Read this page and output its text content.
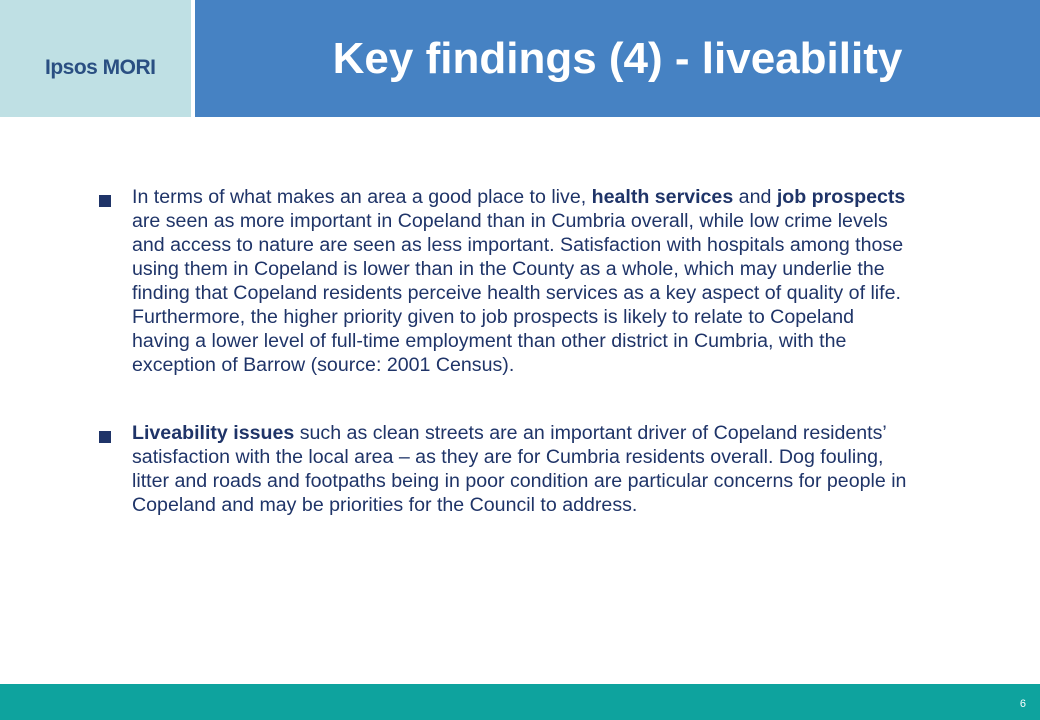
Ipsos MORI	Key findings (4) - liveability
In terms of what makes an area a good place to live, health services and job prospects are seen as more important in Copeland than in Cumbria overall, while low crime levels and access to nature are seen as less important. Satisfaction with hospitals among those using them in Copeland is lower than in the County as a whole, which may underlie the finding that Copeland residents perceive health services as a key aspect of quality of life. Furthermore, the higher priority given to job prospects is likely to relate to Copeland having a lower level of full-time employment than other district in Cumbria, with the exception of Barrow (source: 2001 Census).
Liveability issues such as clean streets are an important driver of Copeland residents’ satisfaction with the local area – as they are for Cumbria residents overall. Dog fouling, litter and roads and footpaths being in poor condition are particular concerns for people in Copeland and may be priorities for the Council to address.
6
